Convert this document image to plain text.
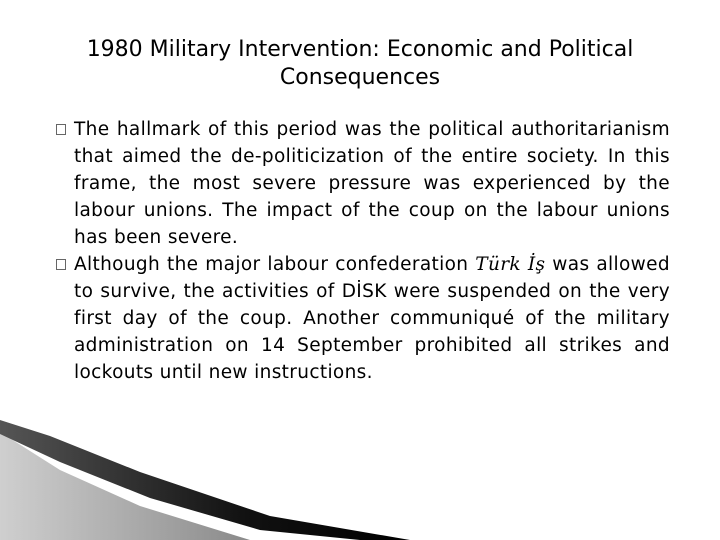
1980 Military Intervention: Economic and Political
Consequences
The hallmark of this period was the political authoritarianism that aimed the de-politicization of the entire society. In this frame, the most severe pressure was experienced by the labour unions. The impact of the coup on the labour unions has been severe.
Although the major labour confederation Türk İş was allowed to survive, the activities of DİSK were suspended on the very first day of the coup. Another communiqué of the military administration on 14 September prohibited all strikes and lockouts until new instructions.
